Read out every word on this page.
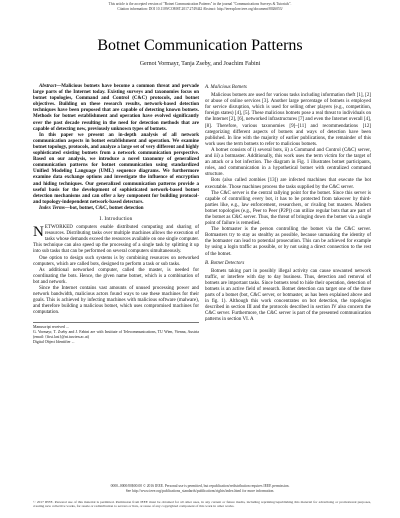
This article is the accepted version of "Botnet Communication Patterns" in the journal "Communications Surveys & Tutorials".
Citation information: DOI 10.1109/COMST.2017.2749442 Abstract: http://ieeexplore.ieee.org/document/8026053/
Botnet Communication Patterns
Gernot Vormayr, Tanja Zseby, and Joachim Fabini

Abstract—Malicious botnets have become a common threat and pervade large parts of the Internet today. Existing surveys and taxonomies focus on botnet topologies, Command and Control (C&C) protocols, and botnet objectives. Building on these research results, network-based detection techniques have been proposed that are capable of detecting known botnets. Methods for botnet establishment and operation have evolved significantly over the past decade resulting in the need for detection methods that are capable of detecting new, previously unknown types of botnets.

In this paper we present an in-depth analysis of all network communication aspects in botnet establishment and operation. We examine botnet topology, protocols, and analyze a large set of very different and highly sophisticated existing botnets from a network communication perspective. Based on our analysis, we introduce a novel taxonomy of generalized communication patterns for botnet communication using standardized Unified Modeling Language (UML) sequence diagrams. We furthermore examine data exchange options and investigate the influence of encryption and hiding techniques. Our generalized communication patterns provide a useful basis for the development of sophisticated network-based botnet detection mechanisms and can offer a key component for building protocol- and topology-independent network-based detectors.

Index Terms—bot, botnet, C&C, botnet detection

I. Introduction

NETWORKED computers enable distributed computing and sharing of resources. Distributing tasks over multiple machines allows the execution of tasks whose demands exceed the resources available on one single computer. This technique can also speed up the processing of a single task by splitting it up into sub tasks that can be performed on several computers simultaneously.

One option to design such systems is by combining resources on networked computers, which are called bots, designed to perform a task or sub tasks.

As additional networked computer, called the master, is needed for coordinating the bots. Hence, the given name botnet, which is a combination of bot and network.

Since the Internet contains vast amounts of unused processing power and network bandwidth, malicious actors found ways to use these machines for their goals. This is achieved by infecting machines with malicious software (malware), and therefore building a malicious botnet, which uses compromised machines for computation.

Manuscript received ...
G. Vormayr, T. Zseby and J. Fabini are with Institute of Telecommunications, TU Wien, Vienna, Austria (email: {first.last}@nt.tuwien.ac.at)
Digital Object Identifier ...
A. Malicious Botnets

Malicious botnets are used for various tasks including information theft [1], [2] or abuse of online services [3]. Another large percentage of botnets is employed for service disruption, which is used for selling other players (e.g., competition, foreign states) [4], [5]. These malicious botnets pose a real threat to individuals on the Internet [2], [6], networked infrastructures [7] and even the Internet overall [4], [8]. Therefore, various taxonomies [9]–[11] and recommendations [12] categorizing different aspects of botnets and ways of detection have been published. In line with the majority of earlier publications, the remainder of this work uses the term botnets to refer to malicious botnets.

A botnet consists of i) several bots, ii) a Command and Control (C&C) server, and iii) a botmaster. Additionally, this work uses the term victim for the target of an attack or a bot infection. The diagram in Fig. 1 illustrates botnet participants, roles, and communication in a hypothetical botnet with centralized command structure.

Bots (also called zombies [13]) are infected machines that execute the bot executable. Those machines process the tasks supplied by the C&C server.

The C&C server is the central rallying point for the botnet. Since this server is capable of controlling every bot, it has to be protected from takeover by third-parties like, e.g., law enforcement, researchers, or rivaling bot masters. Modern botnet topologies (e.g., Peer to Peer (P2P)) can utilize regular bots that are part of the botnet as C&C server. Thus, the threat of bringing down the botnet via a single point of failure is remedied.

The botmaster is the person controlling the botnet via the C&C server. Botmasters try to stay as stealthy as possible, because unmasking the identity of the botmaster can lead to potential prosecution. This can be achieved for example by using a login traffic as possible, or by not using a direct connection to the rest of the botnet.

B. Botnet Detectors

Botnets taking part in possibly illegal activity can cause unwanted network traffic, or interfere with day to day business. Thus, detection and removal of botnets are important tasks. Since botnets tend to hide their operation, detection of botnets is an active field of research. Botnet detection can target one of the three parts of a botnet (bot, C&C server, or botmaster, as has been explained above and in fig. 1). Although this work concentrates on bot detection, the topologies described in section III and the protocols described in section IV also concern the C&C server. Furthermore, the C&C server is part of the presented communication patterns in section VI. A

0000–0000/00$00.00 © 2016 IEEE. Personal use is permitted, but republication/redistribution requires IEEE permission.
See http://www.ieee.org/publications_standards/publications/rights/index.html for more information.
© 2017 IEEE. Personal use of this material is permitted. Permission from IEEE must be obtained for all other uses, in any current or future media, including reprinting/republishing this material for advertising or promotional purposes, creating new collective works, for resale or redistribution to servers or lists, or reuse of any copyrighted component of this work in other works.
